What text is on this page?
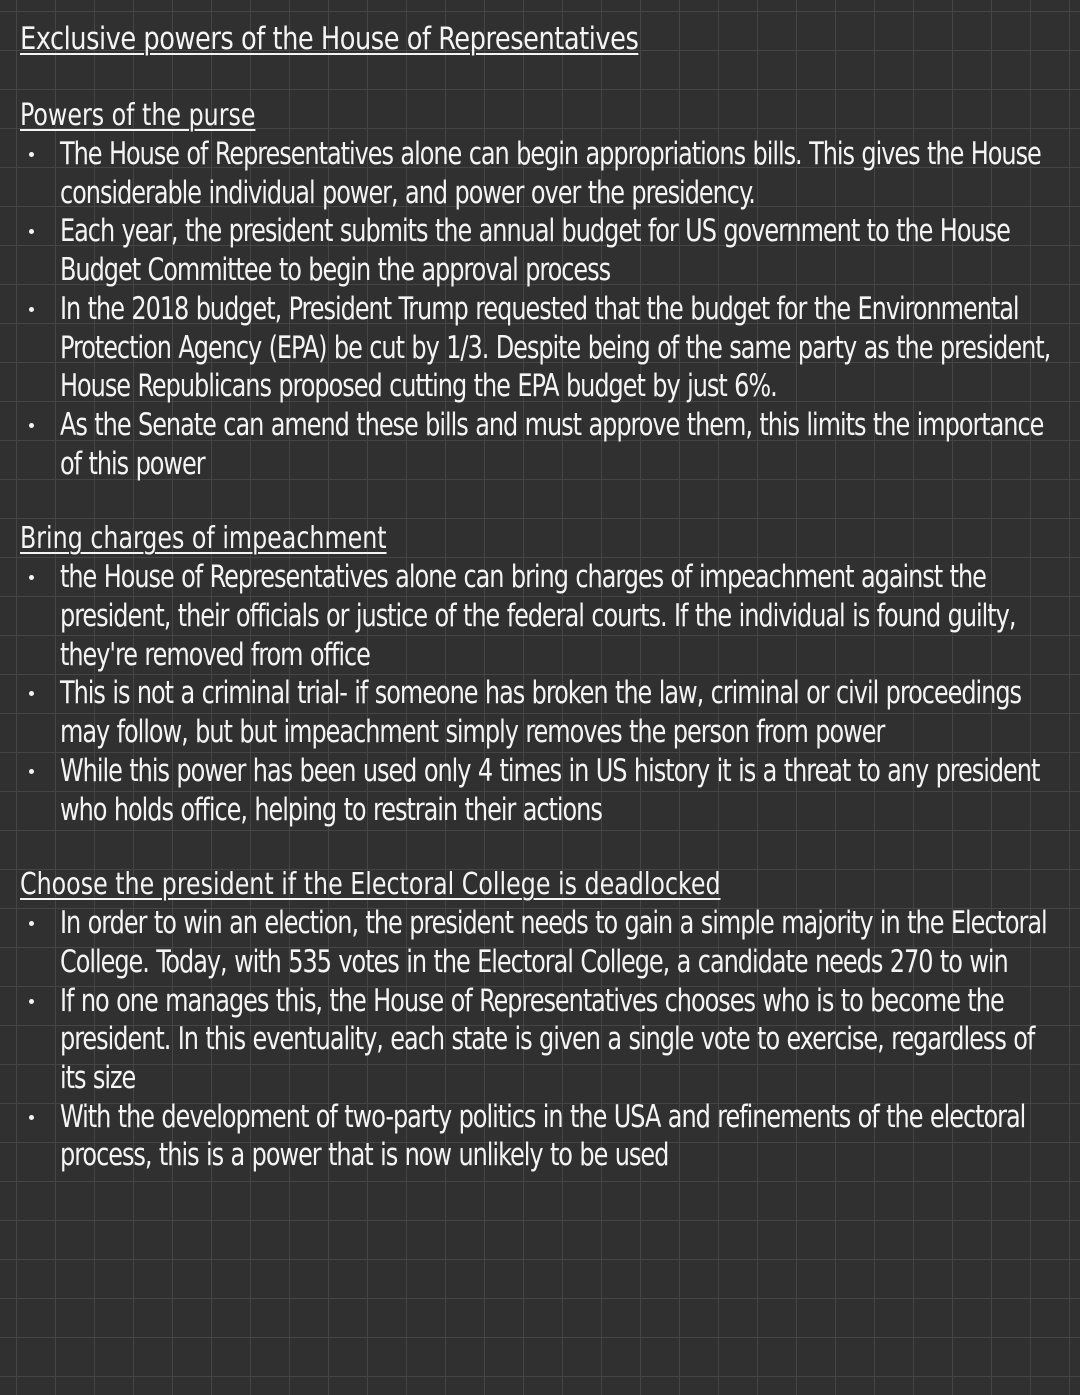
Exclusive powers of the House of Representatives
Powers of the purse
The House of Representatives alone can begin appropriations bills. This gives the House considerable individual power, and power over the presidency.
Each year, the president submits the annual budget for US government to the House Budget Committee to begin the approval process
In the 2018 budget, President Trump requested that the budget for the Environmental Protection Agency (EPA) be cut by 1/3. Despite being of the same party as the president, House Republicans proposed cutting the EPA budget by just 6%.
As the Senate can amend these bills and must approve them, this limits the importance of this power
Bring charges of impeachment
the House of Representatives alone can bring charges of impeachment against the president, their officials or justice of the federal courts. If the individual is found guilty, they're removed from office
This is not a criminal trial- if someone has broken the law, criminal or civil proceedings may follow, but but impeachment simply removes the person from power
While this power has been used only 4 times in US history it is a threat to any president who holds office, helping to restrain their actions
Choose the president if the Electoral College is deadlocked
In order to win an election, the president needs to gain a simple majority in the Electoral College. Today, with 535 votes in the Electoral College, a candidate needs 270 to win
If no one manages this, the House of Representatives chooses who is to become the president. In this eventuality, each state is given a single vote to exercise, regardless of its size
With the development of two-party politics in the USA and refinements of the electoral process, this is a power that is now unlikely to be used
